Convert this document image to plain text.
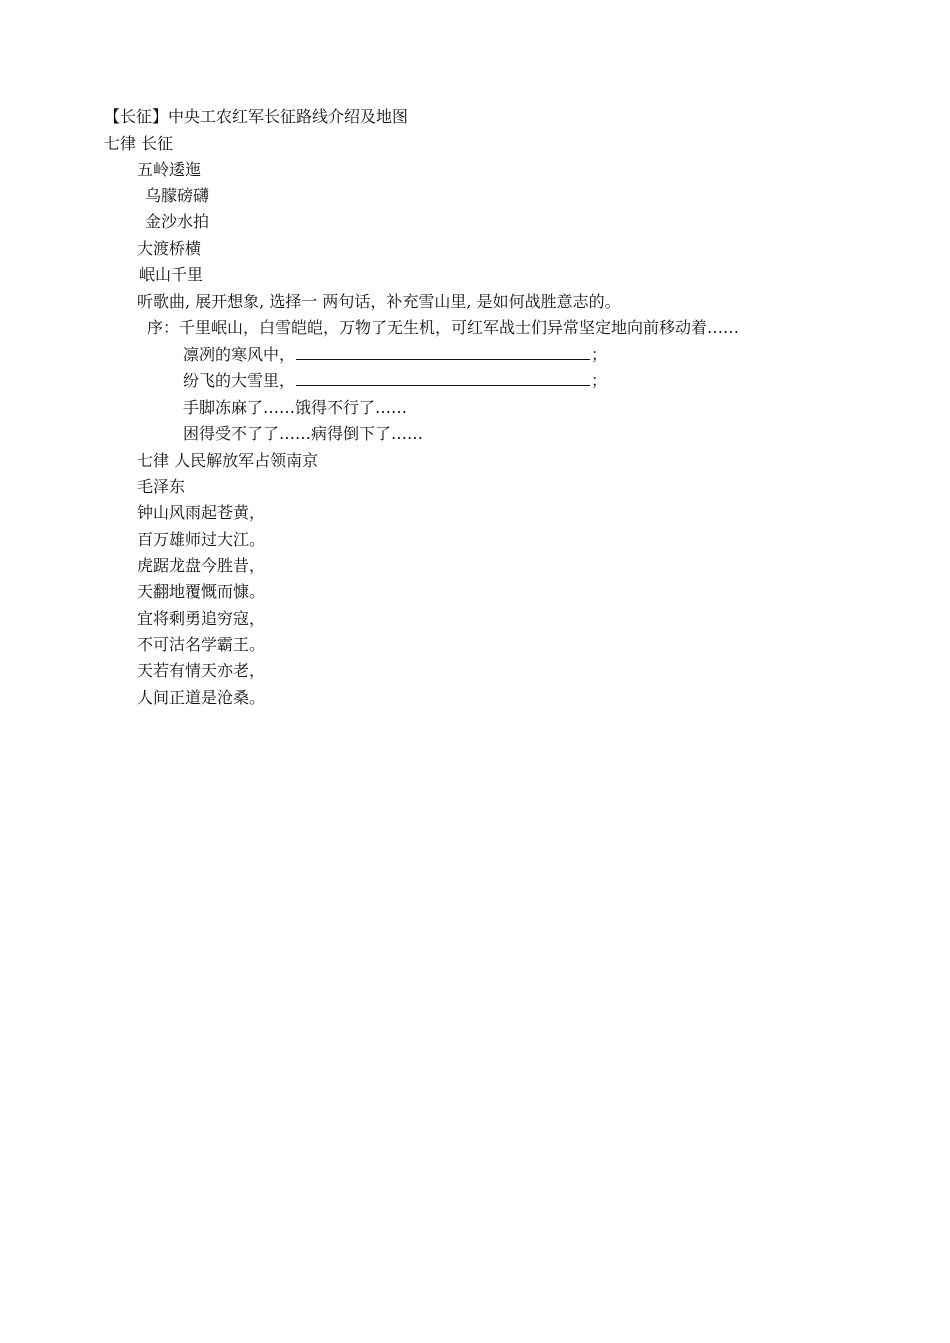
【长征】中央工农红军长征路线介绍及地图
七律 长征
五岭逶迤
乌朦磅礴
金沙水拍
大渡桥横
岷山千里
听歌曲, 展开想象, 选择一 两句话，补充雪山里, 是如何战胜意志的。
序：千里岷山，白雪皑皑，万物了无生机，可红军战士们异常坚定地向前移动着……
凛冽的寒风中，	；
纷飞的大雪里，	；
手脚冻麻了……饿得不行了……
困得受不了了……病得倒下了……
七律 人民解放军占领南京
毛泽东
钟山风雨起苍黄，
百万雄师过大江。
虎踞龙盘今胜昔，
天翻地覆慨而慷。
宜将剩勇追穷寇，
不可沽名学霸王。
天若有情天亦老，
人间正道是沧桑。
